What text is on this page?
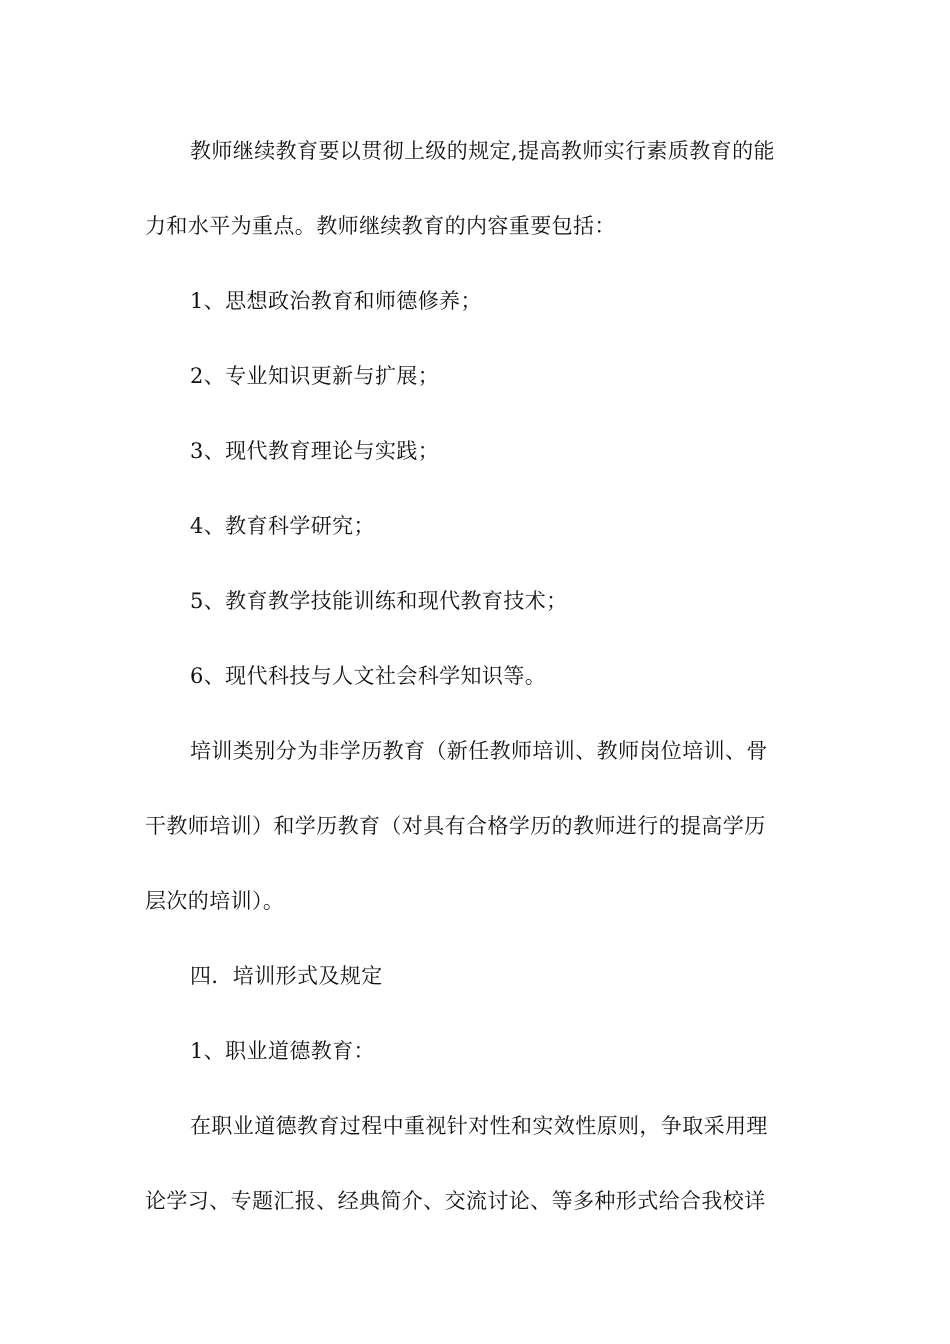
教师继续教育要以贯彻上级的规定,提高教师实行素质教育的能
力和水平为重点。教师继续教育的内容重要包括：
1、思想政治教育和师德修养；
2、专业知识更新与扩展；
3、现代教育理论与实践；
4、教育科学研究；
5、教育教学技能训练和现代教育技术；
6、现代科技与人文社会科学知识等。
培训类别分为非学历教育（新任教师培训、教师岗位培训、骨
干教师培训）和学历教育（对具有合格学历的教师进行的提高学历
层次的培训）。
四．培训形式及规定
1、职业道德教育：
在职业道德教育过程中重视针对性和实效性原则，争取采用理
论学习、专题汇报、经典简介、交流讨论、等多种形式给合我校详
